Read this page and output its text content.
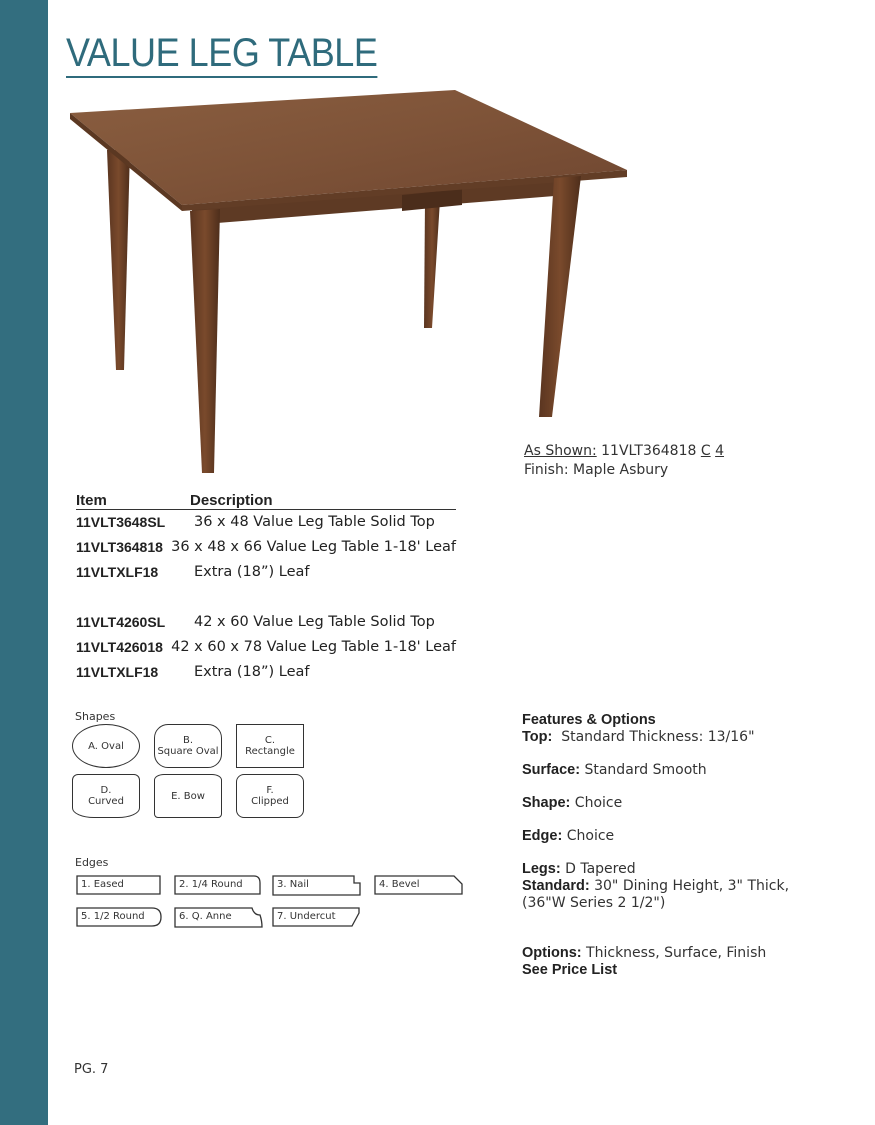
VALUE LEG TABLE
As Shown: 11VLT364818 C 4
Finish: Maple Asbury
Item	Description
11VLT3648SL	36 x 48 Value Leg Table Solid Top
11VLT364818 36 x 48 x 66 Value Leg Table 1-18' Leaf
11VLTXLF18	Extra (18”) Leaf
11VLT4260SL	42 x 60 Value Leg Table Solid Top
11VLT426018 42 x 60 x 78 Value Leg Table 1-18' Leaf
11VLTXLF18	Extra (18”) Leaf
Shapes
A. Oval	B.
Square Oval
C.
Rectangle
D.
Curved	E. Bow	F.
Clipped
Edges
1. Eased	2. 1/4 Round	3. Nail	4. Bevel
5. 1/2 Round	6. Q. Anne	7. Undercut
Features & Options
Top:  Standard Thickness: 13/16"
Surface: Standard Smooth
Shape: Choice
Edge: Choice
Legs: D Tapered
Standard: 30" Dining Height, 3" Thick,
(36"W Series 2 1/2")
Options: Thickness, Surface, Finish
See Price List
PG. 7
